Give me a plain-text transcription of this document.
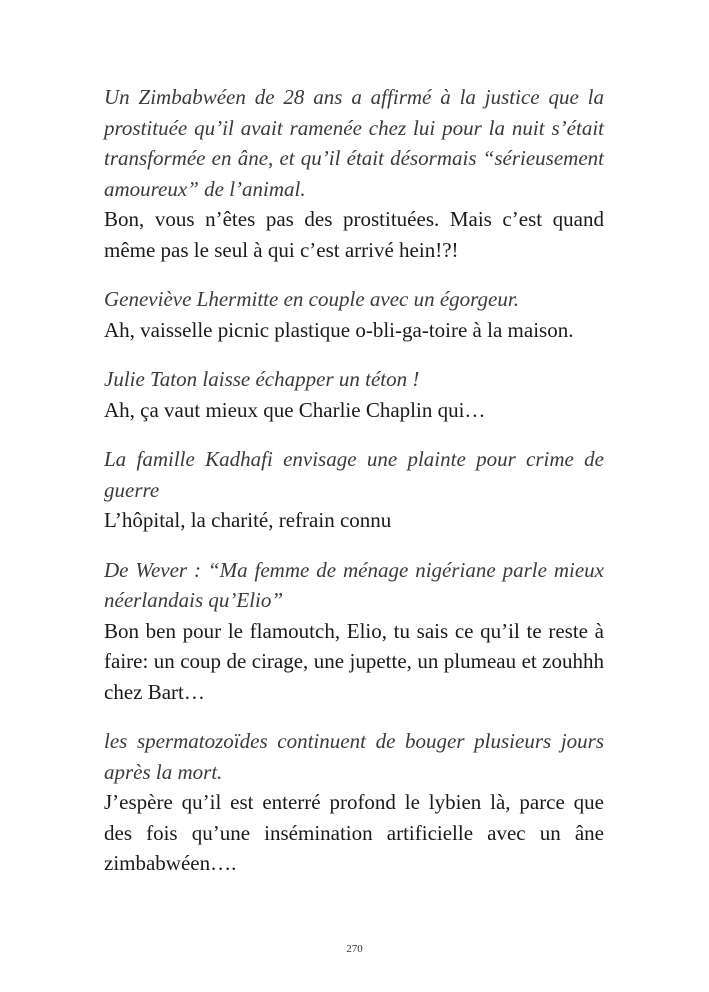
Un Zimbabwéen de 28 ans a affirmé à la justice que la prostituée qu’il avait ramenée chez lui pour la nuit s’était transformée en âne, et qu’il était désormais “sérieusement amoureux” de l’animal.

Bon, vous n’êtes pas des prostituées. Mais c’est quand même pas le seul à qui c’est arrivé hein!?!

Geneviève Lhermitte en couple avec un égorgeur.

Ah, vaisselle picnic plastique o-bli-ga-toire à la maison.

Julie Taton laisse échapper un téton !

Ah, ça vaut mieux que Charlie Chaplin qui…

La famille Kadhafi envisage une plainte pour crime de guerre

L’hôpital, la charité, refrain connu

De Wever : “Ma femme de ménage nigériane parle mieux néerlandais qu’Elio”

Bon ben pour le flamoutch, Elio, tu sais ce qu’il te reste à faire: un coup de cirage, une jupette, un plumeau et zouhhh chez Bart…

les spermatozoïdes continuent de bouger plusieurs jours après la mort.

J’espère qu’il est enterré profond le lybien là, parce que des fois qu’une insémination artificielle avec un âne zimbabwéen….

270
